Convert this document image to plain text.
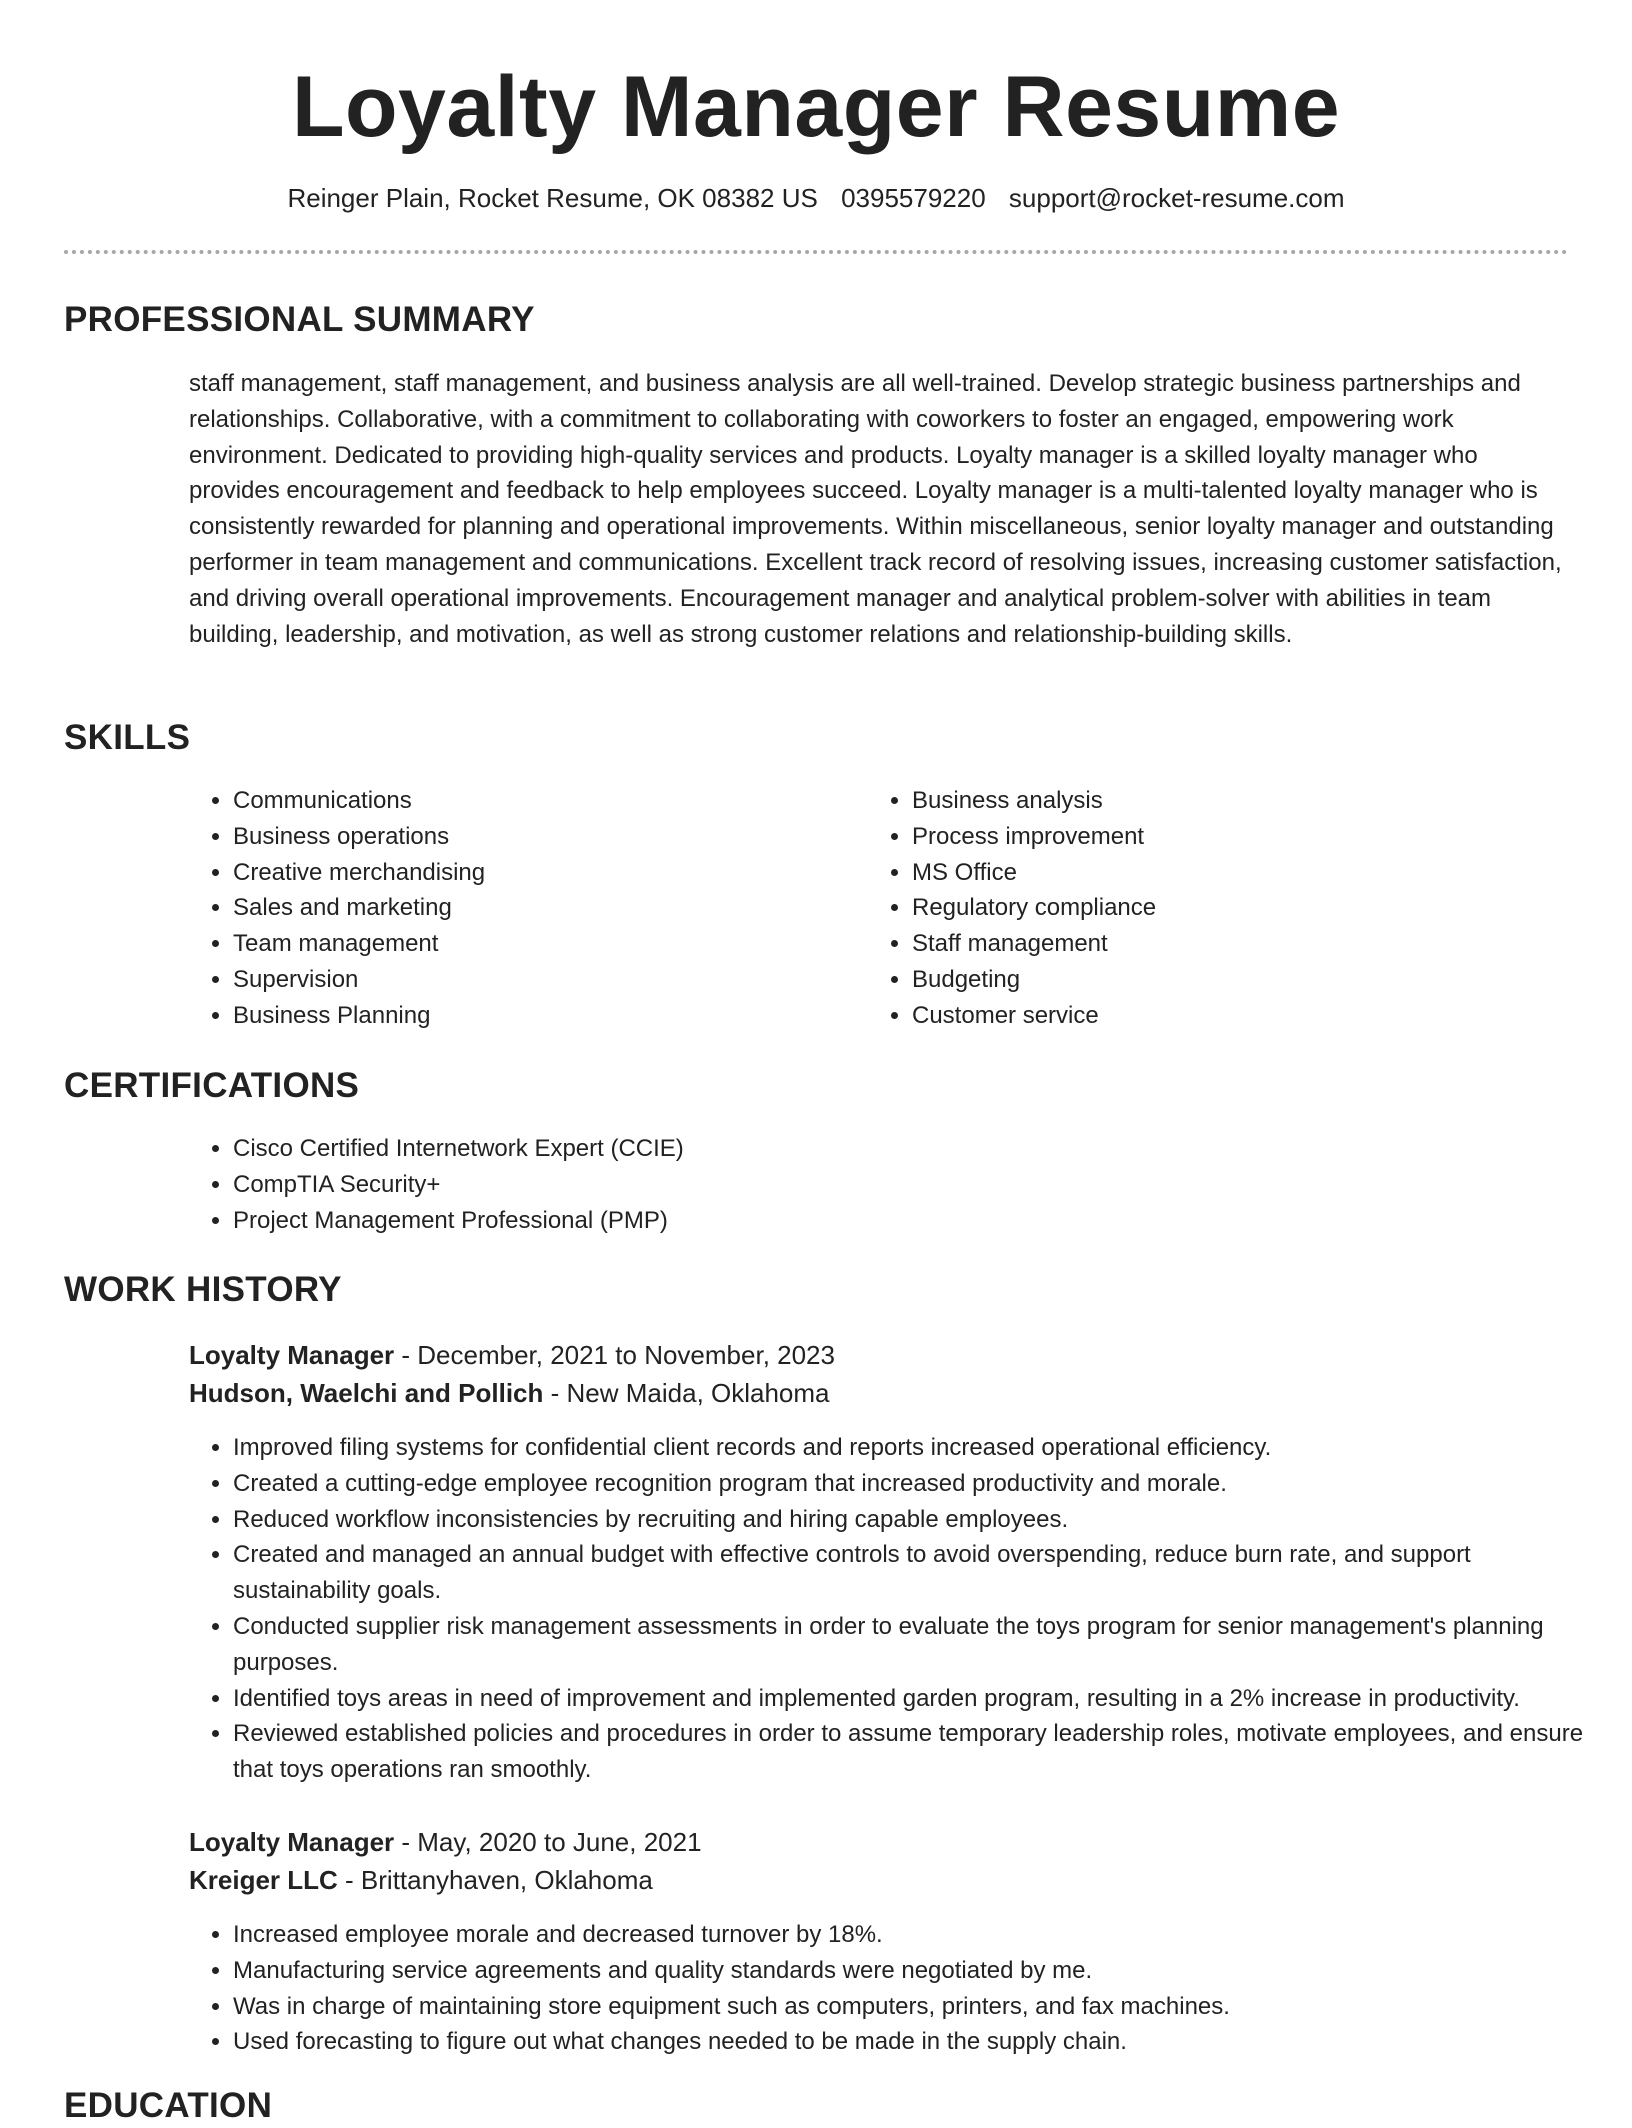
Loyalty Manager Resume
Reinger Plain, Rocket Resume, OK 08382 US 0395579220 support@rocket-resume.com
PROFESSIONAL SUMMARY

staff management, staff management, and business analysis are all well-trained. Develop strategic business partnerships and relationships. Collaborative, with a commitment to collaborating with coworkers to foster an engaged, empowering work environment. Dedicated to providing high-quality services and products. Loyalty manager is a skilled loyalty manager who provides encouragement and feedback to help employees succeed. Loyalty manager is a multi-talented loyalty manager who is consistently rewarded for planning and operational improvements. Within miscellaneous, senior loyalty manager and outstanding performer in team management and communications. Excellent track record of resolving issues, increasing customer satisfaction, and driving overall operational improvements. Encouragement manager and analytical problem-solver with abilities in team building, leadership, and motivation, as well as strong customer relations and relationship-building skills.

SKILLS
• Communications
• Business operations
• Creative merchandising
• Sales and marketing
• Team management
• Supervision
• Business Planning
• Business analysis
• Process improvement
• MS Office
• Regulatory compliance
• Staff management
• Budgeting
• Customer service
CERTIFICATIONS
• Cisco Certified Internetwork Expert (CCIE)
• CompTIA Security+
• Project Management Professional (PMP)
WORK HISTORY
Loyalty Manager - December, 2021 to November, 2023
Hudson, Waelchi and Pollich - New Maida, Oklahoma
• Improved filing systems for confidential client records and reports increased operational efficiency.
• Created a cutting-edge employee recognition program that increased productivity and morale.
• Reduced workflow inconsistencies by recruiting and hiring capable employees.
• Created and managed an annual budget with effective controls to avoid overspending, reduce burn rate, and support sustainability goals.
• Conducted supplier risk management assessments in order to evaluate the toys program for senior management's planning purposes.
• Identified toys areas in need of improvement and implemented garden program, resulting in a 2% increase in productivity.
• Reviewed established policies and procedures in order to assume temporary leadership roles, motivate employees, and ensure that toys operations ran smoothly.
Loyalty Manager - May, 2020 to June, 2021
Kreiger LLC - Brittanyhaven, Oklahoma
• Increased employee morale and decreased turnover by 18%.
• Manufacturing service agreements and quality standards were negotiated by me.
• Was in charge of maintaining store equipment such as computers, printers, and fax machines.
• Used forecasting to figure out what changes needed to be made in the supply chain.
EDUCATION
